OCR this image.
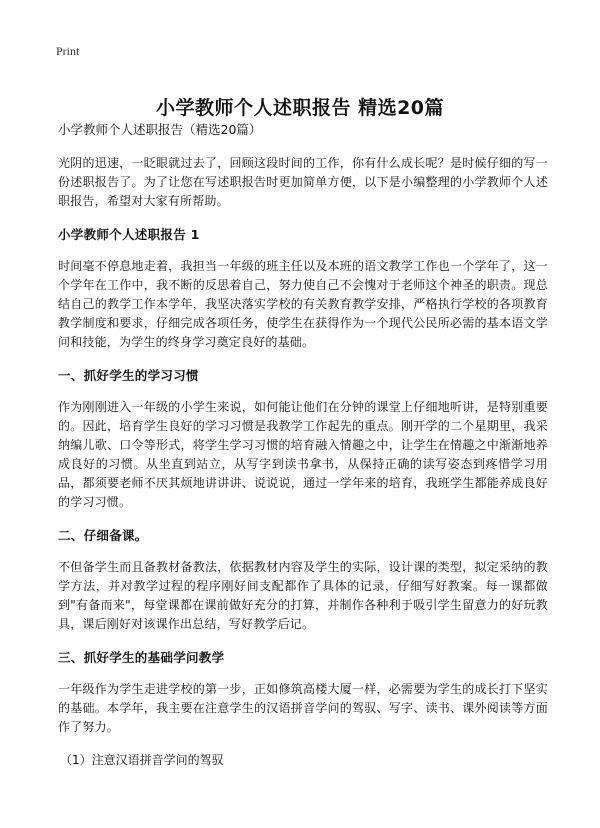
Print
小学教师个人述职报告 精选20篇
小学教师个人述职报告（精选20篇）

光阴的迅速，一眨眼就过去了，回顾这段时间的工作，你有什么成长呢？是时候仔细的写一份述职报告了。为了让您在写述职报告时更加简单方便，以下是小编整理的小学教师个人述职报告，希望对大家有所帮助。

小学教师个人述职报告 1

时间毫不停息地走着，我担当一年级的班主任以及本班的语文教学工作也一个学年了，这一个学年在工作中，我不断的反思着自己，努力使自己不会愧对于老师这个神圣的职责。现总结自己的教学工作本学年，我坚决落实学校的有关教育教学安排，严格执行学校的各项教育教学制度和要求，仔细完成各项任务，使学生在获得作为一个现代公民所必需的基本语文学问和技能，为学生的终身学习奠定良好的基础。

一、抓好学生的学习习惯

作为刚刚进入一年级的小学生来说，如何能让他们在分钟的课堂上仔细地听讲，是特别重要的。因此，培育学生良好的学习习惯是我教学工作起先的重点。刚开学的二个星期里，我采纳编儿歌、口令等形式，将学生学习习惯的培育融入情趣之中，让学生在情趣之中渐渐地养成良好的习惯。从坐直到站立，从写字到读书拿书，从保持正确的读写姿态到疼惜学习用品，都须要老师不厌其烦地讲讲讲、说说说，通过一学年来的培育，我班学生都能养成良好的学习习惯。

二、仔细备课。

不但备学生而且备教材备教法，依据教材内容及学生的实际，设计课的类型，拟定采纳的教学方法，并对教学过程的程序刚好间支配都作了具体的记录，仔细写好教案。每一课都做到"有备而来"，每堂课都在课前做好充分的打算，并制作各种利于吸引学生留意力的好玩教具，课后刚好对该课作出总结，写好教学后记。

三、抓好学生的基础学问教学

一年级作为学生走进学校的第一步，正如修筑高楼大厦一样，必需要为学生的成长打下坚实的基础。本学年，我主要在注意学生的汉语拼音学问的驾驭、写字、读书、课外阅读等方面作了努力。

（1）注意汉语拼音学问的驾驭
